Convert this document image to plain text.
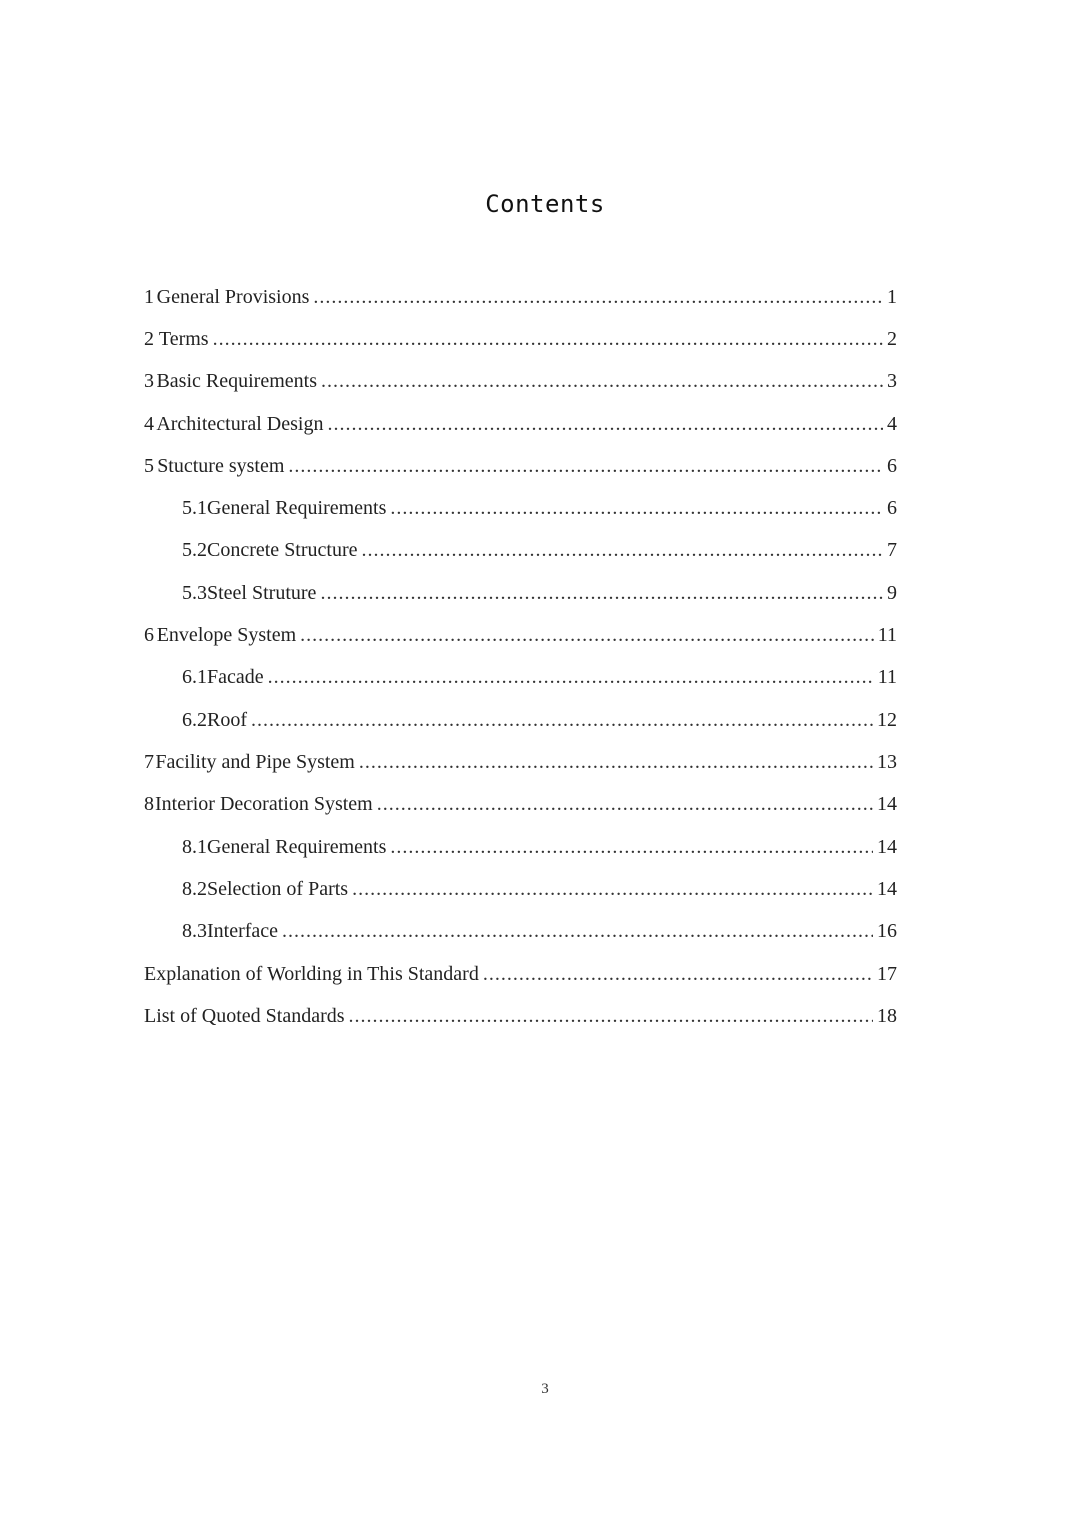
Contents
1 General Provisions .....	1
2 Terms .....	2
3 Basic Requirements .....	3
4 Architectural Design .....	4
5 Stucture system .....	6
5.1 General Requirements .....	6
5.2 Concrete Structure .....	7
5.3 Steel Struture .....	9
6 Envelope System .....	11
6.1 Facade .....	11
6.2 Roof .....	12
7 Facility and Pipe System .....	13
8 Interior Decoration System .....	14
8.1 General Requirements .....	14
8.2 Selection of Parts .....	14
8.3 Interface .....	16
Explanation of Worlding in This Standard .....	17
List of Quoted Standards .....	18
3
